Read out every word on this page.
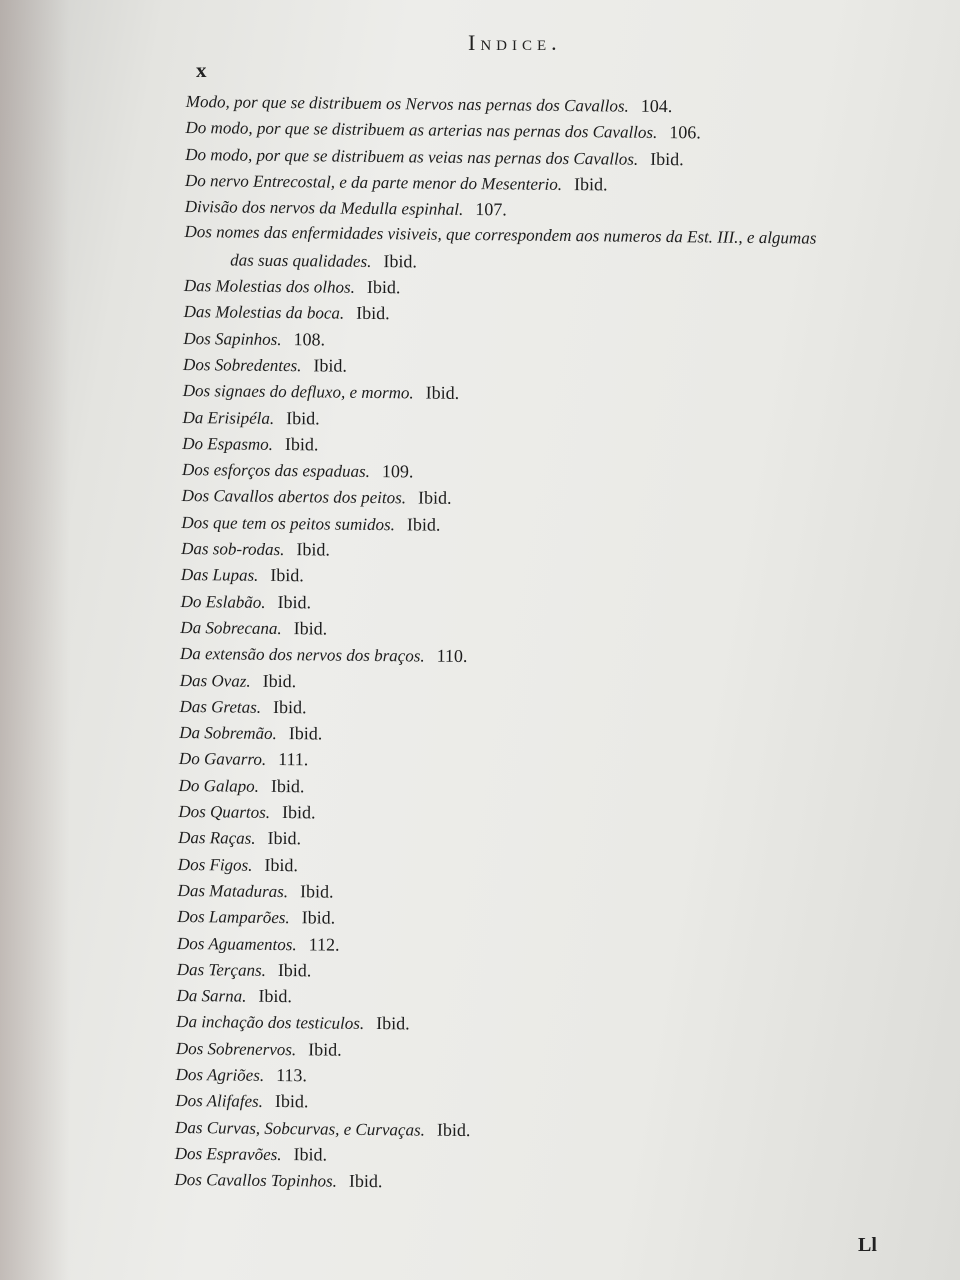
Indice.
x
Modo, por que se distribuem os Nervos nas pernas dos Cavallos. 104.
Do modo, por que se distribuem as arterias nas pernas dos Cavallos. 106.
Do modo, por que se distribuem as veias nas pernas dos Cavallos. Ibid.
Do nervo Entrecostal, e da parte menor do Mesenterio. Ibid.
Divisão dos nervos da Medulla espinhal. 107.
Dos nomes das enfermidades visiveis, que correspondem aos numeros da Est. III., e algumas
das suas qualidades. Ibid.
Das Molestias dos olhos. Ibid.
Das Molestias da boca. Ibid.
Dos Sapinhos. 108.
Dos Sobredentes. Ibid.
Dos signaes do defluxo, e mormo. Ibid.
Da Erisipéla. Ibid.
Do Espasmo. Ibid.
Dos esforços das espaduas. 109.
Dos Cavallos abertos dos peitos. Ibid.
Dos que tem os peitos sumidos. Ibid.
Das sob-rodas. Ibid.
Das Lupas. Ibid.
Do Eslabão. Ibid.
Da Sobrecana. Ibid.
Da extensão dos nervos dos braços. 110.
Das Ovaz. Ibid.
Das Gretas. Ibid.
Da Sobremão. Ibid.
Do Gavarro. 111.
Do Galapo. Ibid.
Dos Quartos. Ibid.
Das Raças. Ibid.
Dos Figos. Ibid.
Das Mataduras. Ibid.
Dos Lamparões. Ibid.
Dos Aguamentos. 112.
Das Terçans. Ibid.
Da Sarna. Ibid.
Da inchação dos testiculos. Ibid.
Dos Sobrenervos. Ibid.
Dos Agriões. 113.
Dos Alifafes. Ibid.
Das Curvas, Sobcurvas, e Curvaças. Ibid.
Dos Espravões. Ibid.
Dos Cavallos Topinhos. Ibid.
Ll
